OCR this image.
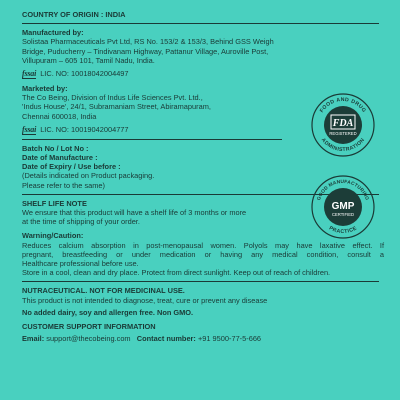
COUNTRY OF ORIGIN : INDIA
Manufactured by:
Solistaa Pharmaceuticals Pvt Ltd, RS No. 153/2 & 153/3, Behind GSS Weigh
Bridge, Puducherry – Tindivanam Highway, Pattanur Village, Auroville Post,
Villupuram – 605 101, Tamil Nadu, India.
fssai LIC. NO: 10018042004497
Marketed by:
The Co Being, Division of Indus Life Sciences Pvt. Ltd.,
'Indus House', 24/1, Subramaniam Street, Abiramapuram,
Chennai 600018, India
fssai LIC. NO: 10019042004777
Batch No / Lot No :
Date of Manufacture :
Date of Expiry / Use before :
(Details indicated on Product packaging.
Please refer to the same)
SHELF LIFE NOTE
We ensure that this product will have a shelf life of 3 months or more
at the time of shipping of your order.
Warning/Caution:
Reduces calcium absorption in post-menopausal women. Polyols may have laxative effect. If
pregnant, breastfeeding or under medication or having any medical condition, consult a
Healthcare professional before use.
Store in a cool, clean and dry place. Protect from direct sunlight. Keep out of reach of children.
NUTRACEUTICAL. NOT FOR MEDICINAL USE.
This product is not intended to diagnose, treat, cure or prevent any disease
No added dairy, soy and allergen free. Non GMO.
CUSTOMER SUPPORT INFORMATION
Email: support@thecobeing.com Contact number: +91 9500-77-5-666
FOOD AND DRUG
ADMINISTRATION
FDA
REGISTERED
GOOD MANUFACTURING
PRACTICE
GMP
CERTIFIED
